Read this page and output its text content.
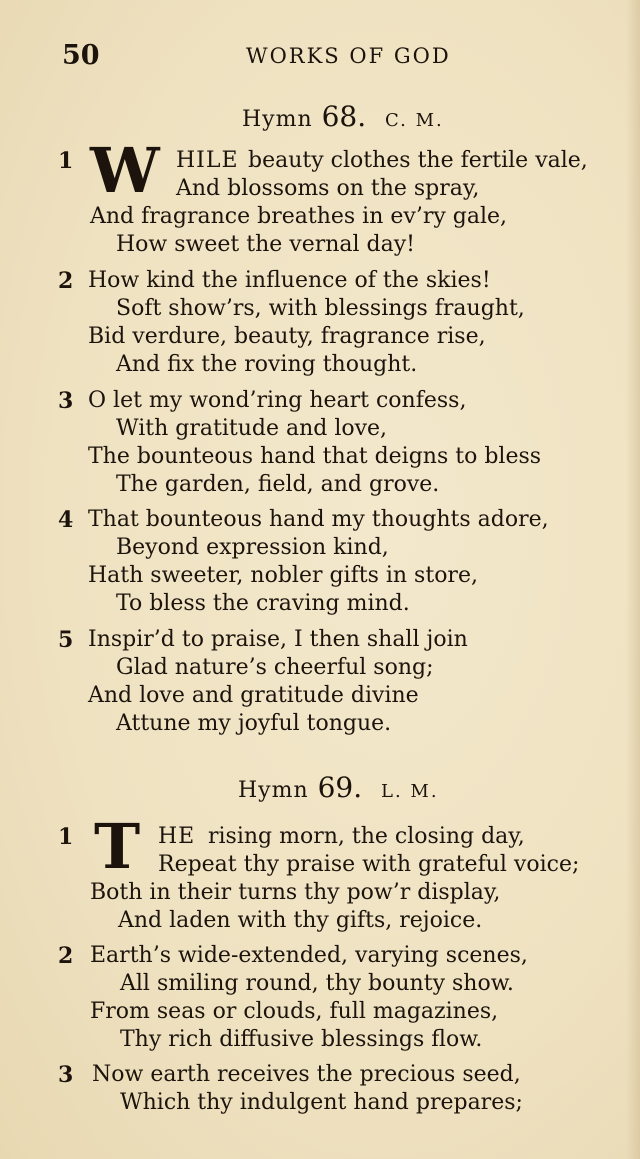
50	WORKS OF GOD
Hymn 68. C. M.
1 W HILE beauty clothes the fertile vale,
And blossoms on the spray,
And fragrance breathes in ev’ry gale,
How sweet the vernal day!
2 How kind the influence of the skies!
Soft show’rs, with blessings fraught,
Bid verdure, beauty, fragrance rise,
And fix the roving thought.
3 O let my wond’ring heart confess,
With gratitude and love,
The bounteous hand that deigns to bless
The garden, field, and grove.
4 That bounteous hand my thoughts adore,
Beyond expression kind,
Hath sweeter, nobler gifts in store,
To bless the craving mind.
5 Inspir’d to praise, I then shall join
Glad nature’s cheerful song;
And love and gratitude divine
Attune my joyful tongue.
Hymn 69. L. M.
1 T HE rising morn, the closing day,
Repeat thy praise with grateful voice;
Both in their turns thy pow’r display,
And laden with thy gifts, rejoice.
2 Earth’s wide-extended, varying scenes,
All smiling round, thy bounty show.
From seas or clouds, full magazines,
Thy rich diffusive blessings flow.
3 Now earth receives the precious seed,
Which thy indulgent hand prepares;
